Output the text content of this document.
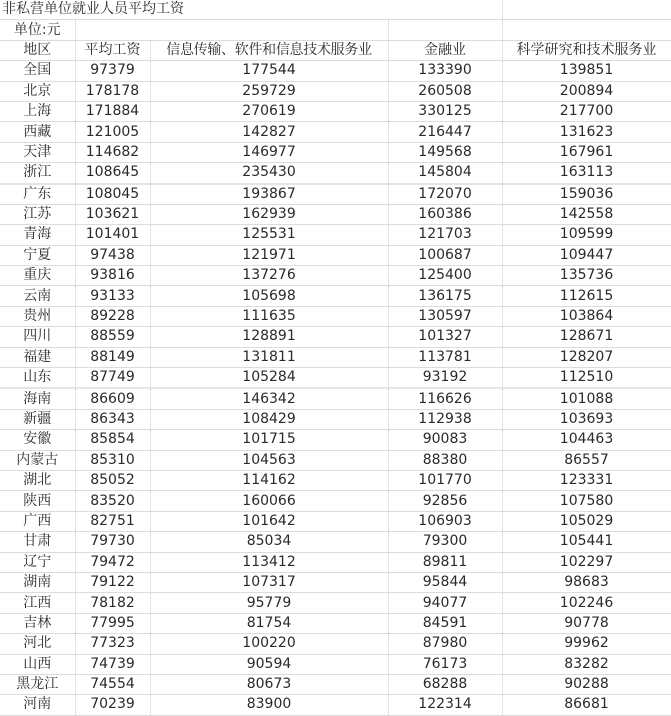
非私营单位就业人员平均工资				
单位:元				
地区	平均工资	信息传输、软件和信息技术服务业	金融业	科学研究和技术服务业
全国	97379	177544	133390	139851
北京	178178	259729	260508	200894
上海	171884	270619	330125	217700
西藏	121005	142827	216447	131623
天津	114682	146977	149568	167961
浙江	108645	235430	145804	163113
广东	108045	193867	172070	159036
江苏	103621	162939	160386	142558
青海	101401	125531	121703	109599
宁夏	97438	121971	100687	109447
重庆	93816	137276	125400	135736
云南	93133	105698	136175	112615
贵州	89228	111635	130597	103864
四川	88559	128891	101327	128671
福建	88149	131811	113781	128207
山东	87749	105284	93192	112510
海南	86609	146342	116626	101088
新疆	86343	108429	112938	103693
安徽	85854	101715	90083	104463
内蒙古	85310	104563	88380	86557
湖北	85052	114162	101770	123331
陕西	83520	160066	92856	107580
广西	82751	101642	106903	105029
甘肃	79730	85034	79300	105441
辽宁	79472	113412	89811	102297
湖南	79122	107317	95844	98683
江西	78182	95779	94077	102246
吉林	77995	81754	84591	90778
河北	77323	100220	87980	99962
山西	74739	90594	76173	83282
黑龙江	74554	80673	68288	90288
河南	70239	83900	122314	86681
